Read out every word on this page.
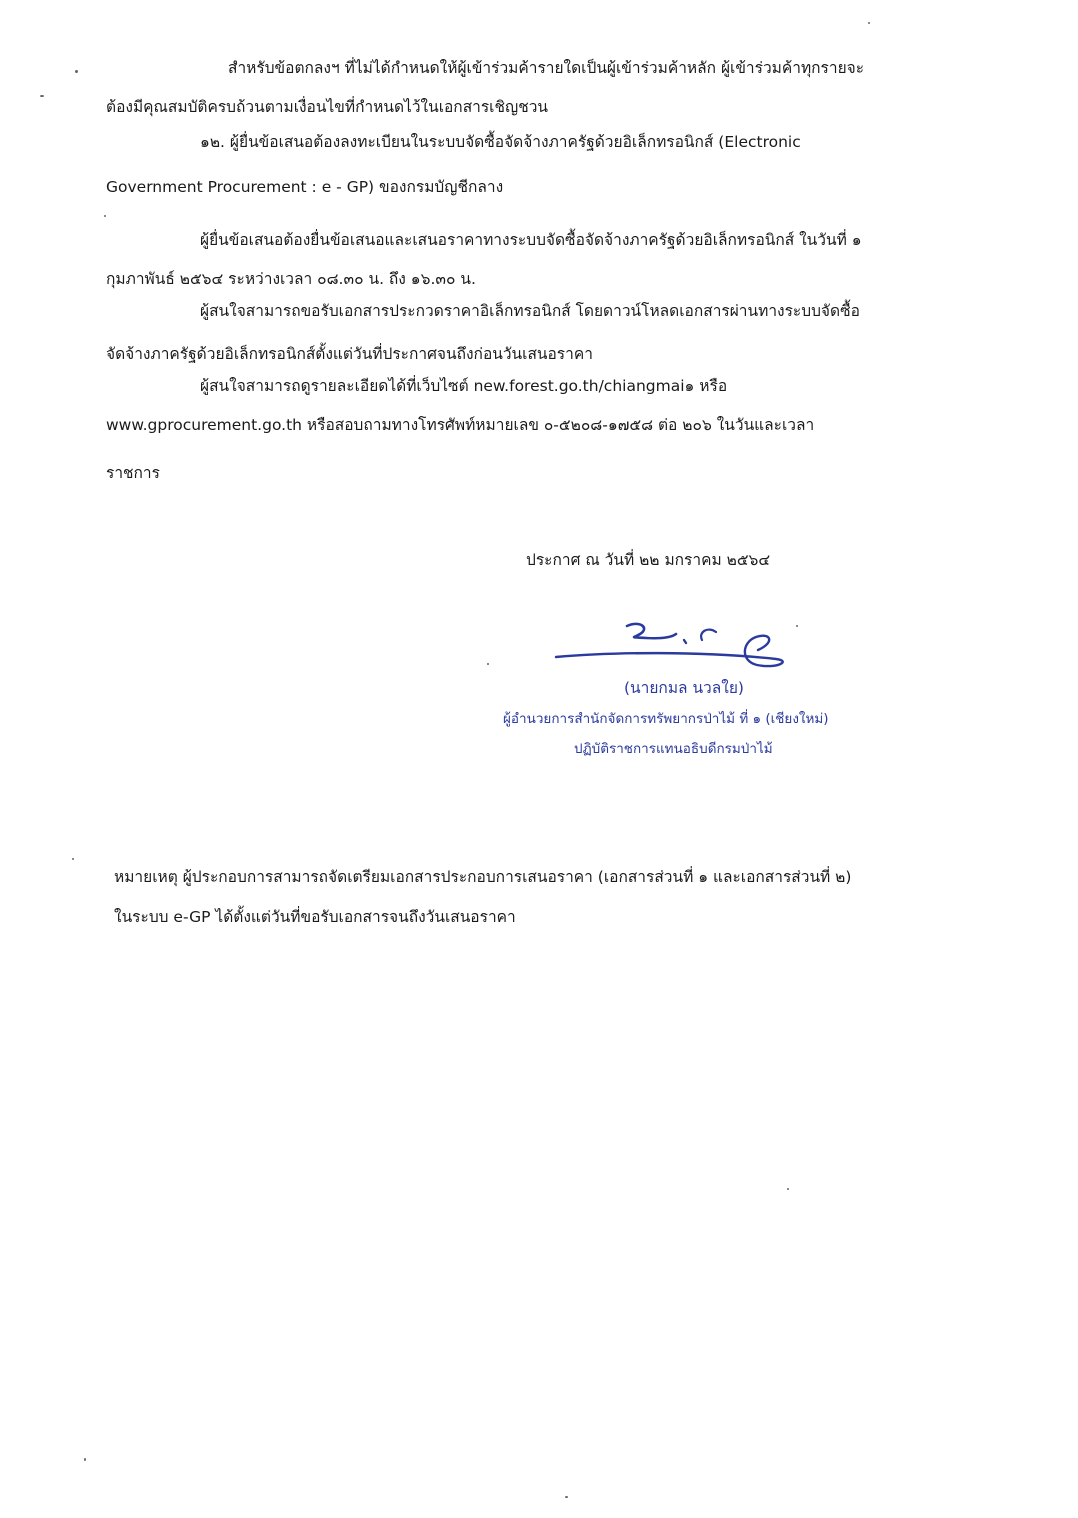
สำหรับข้อตกลงฯ ที่ไม่ได้กำหนดให้ผู้เข้าร่วมค้ารายใดเป็นผู้เข้าร่วมค้าหลัก ผู้เข้าร่วมค้าทุกรายจะ
ต้องมีคุณสมบัติครบถ้วนตามเงื่อนไขที่กำหนดไว้ในเอกสารเชิญชวน
๑๒. ผู้ยื่นข้อเสนอต้องลงทะเบียนในระบบจัดซื้อจัดจ้างภาครัฐด้วยอิเล็กทรอนิกส์ (Electronic
Government Procurement : e - GP) ของกรมบัญชีกลาง
ผู้ยื่นข้อเสนอต้องยื่นข้อเสนอและเสนอราคาทางระบบจัดซื้อจัดจ้างภาครัฐด้วยอิเล็กทรอนิกส์ ในวันที่ ๑
กุมภาพันธ์ ๒๕๖๔ ระหว่างเวลา ๐๘.๓๐ น. ถึง ๑๖.๓๐ น.
ผู้สนใจสามารถขอรับเอกสารประกวดราคาอิเล็กทรอนิกส์ โดยดาวน์โหลดเอกสารผ่านทางระบบจัดซื้อ
จัดจ้างภาครัฐด้วยอิเล็กทรอนิกส์ตั้งแต่วันที่ประกาศจนถึงก่อนวันเสนอราคา
ผู้สนใจสามารถดูรายละเอียดได้ที่เว็บไซต์ new.forest.go.th/chiangmai๑ หรือ
www.gprocurement.go.th หรือสอบถามทางโทรศัพท์หมายเลข ๐-๕๒๐๘-๑๗๕๘ ต่อ ๒๐๖ ในวันและเวลา
ราชการ
ประกาศ ณ วันที่ ๒๒ มกราคม ๒๕๖๔
(นายกมล นวลใย)
ผู้อำนวยการสำนักจัดการทรัพยากรป่าไม้ ที่ ๑ (เชียงใหม่)
ปฏิบัติราชการแทนอธิบดีกรมป่าไม้
หมายเหตุ ผู้ประกอบการสามารถจัดเตรียมเอกสารประกอบการเสนอราคา (เอกสารส่วนที่ ๑ และเอกสารส่วนที่ ๒)
ในระบบ e-GP ได้ตั้งแต่วันที่ขอรับเอกสารจนถึงวันเสนอราคา
